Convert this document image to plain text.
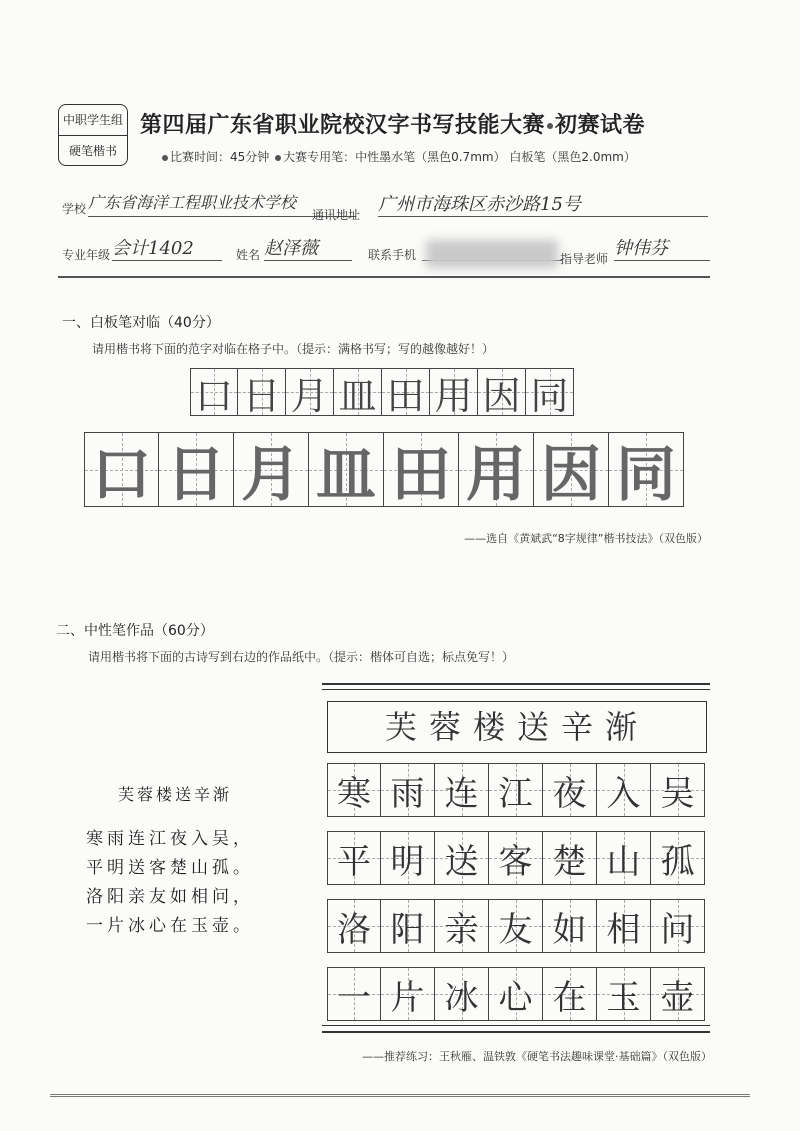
中职学生组
硬笔楷书
第四届广东省职业院校汉字书写技能大赛 初赛试卷
比赛时间：45分钟 大赛专用笔：中性墨水笔（黑色0.7mm） 白板笔（黑色2.0mm）
学校 广东省海洋工程职业技术学校
通讯地址 广州市海珠区赤沙路15号
专业年级 会计1402	姓名 赵泽薇	联系手机	指导老师 钟伟芬
一、白板笔对临（40分）
请用楷书将下面的范字对临在格子中。（提示：满格书写；写的越像越好！）
口 日 月 皿 田 用 因 同
口 日 月 皿 田 用 因 同
——选自《黄斌武“8字规律”楷书技法》（双色版）
二、中性笔作品（60分）
请用楷书将下面的古诗写到右边的作品纸中。（提示：楷体可自选；标点免写！）
芙蓉楼送辛渐
寒雨连江夜入吴，
平明送客楚山孤。
洛阳亲友如相问，
一片冰心在玉壶。
芙蓉楼送辛渐
寒 雨 连 江 夜 入 吴
平 明 送 客 楚 山 孤
洛 阳 亲 友 如 相 问
一 片 冰 心 在 玉 壶
——推荐练习：王秋雁、温铁敦《硬笔书法趣味课堂·基础篇》（双色版）
